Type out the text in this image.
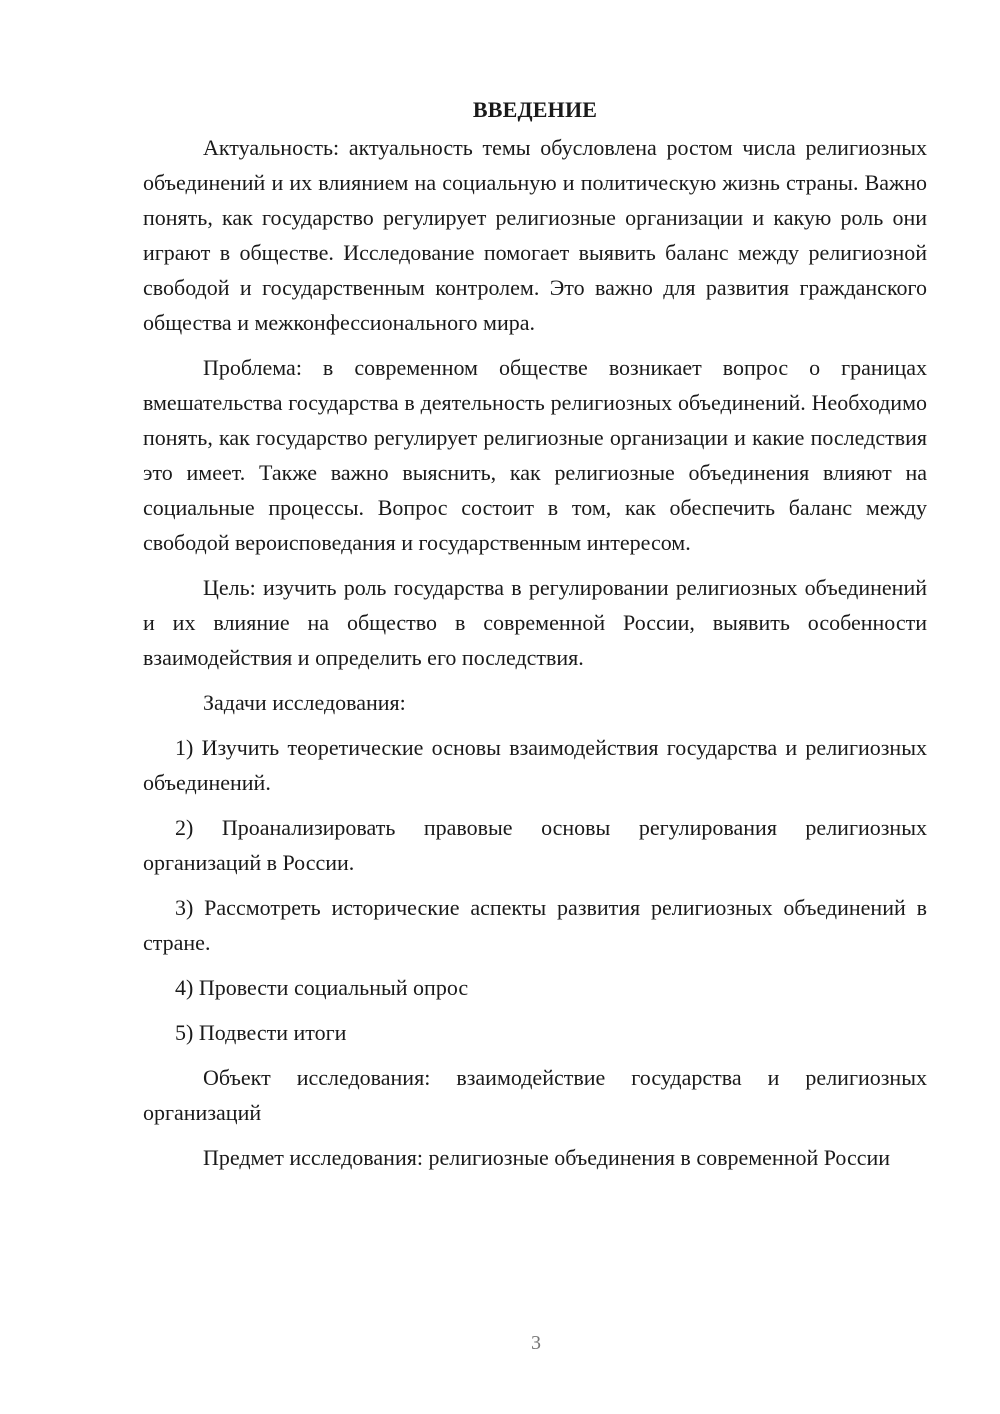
ВВЕДЕНИЕ

Актуальность: актуальность темы обусловлена ростом числа религиозных объединений и их влиянием на социальную и политическую жизнь страны. Важно понять, как государство регулирует религиозные организации и какую роль они играют в обществе. Исследование помогает выявить баланс между религиозной свободой и государственным контролем. Это важно для развития гражданского общества и межконфессионального мира.

Проблема: в современном обществе возникает вопрос о границах вмешательства государства в деятельность религиозных объединений. Необходимо понять, как государство регулирует религиозные организации и какие последствия это имеет. Также важно выяснить, как религиозные объединения влияют на социальные процессы. Вопрос состоит в том, как обеспечить баланс между свободой вероисповедания и государственным интересом.

Цель: изучить роль государства в регулировании религиозных объединений и их влияние на общество в современной России, выявить особенности взаимодействия и определить его последствия.

Задачи исследования:

1) Изучить теоретические основы взаимодействия государства и религиозных объединений.

2) Проанализировать правовые основы регулирования религиозных организаций в России.

3) Рассмотреть исторические аспекты развития религиозных объединений в стране.

4) Провести социальный опрос

5) Подвести итоги

Объект исследования: взаимодействие государства и религиозных организаций

Предмет исследования: религиозные объединения в современной России

3
